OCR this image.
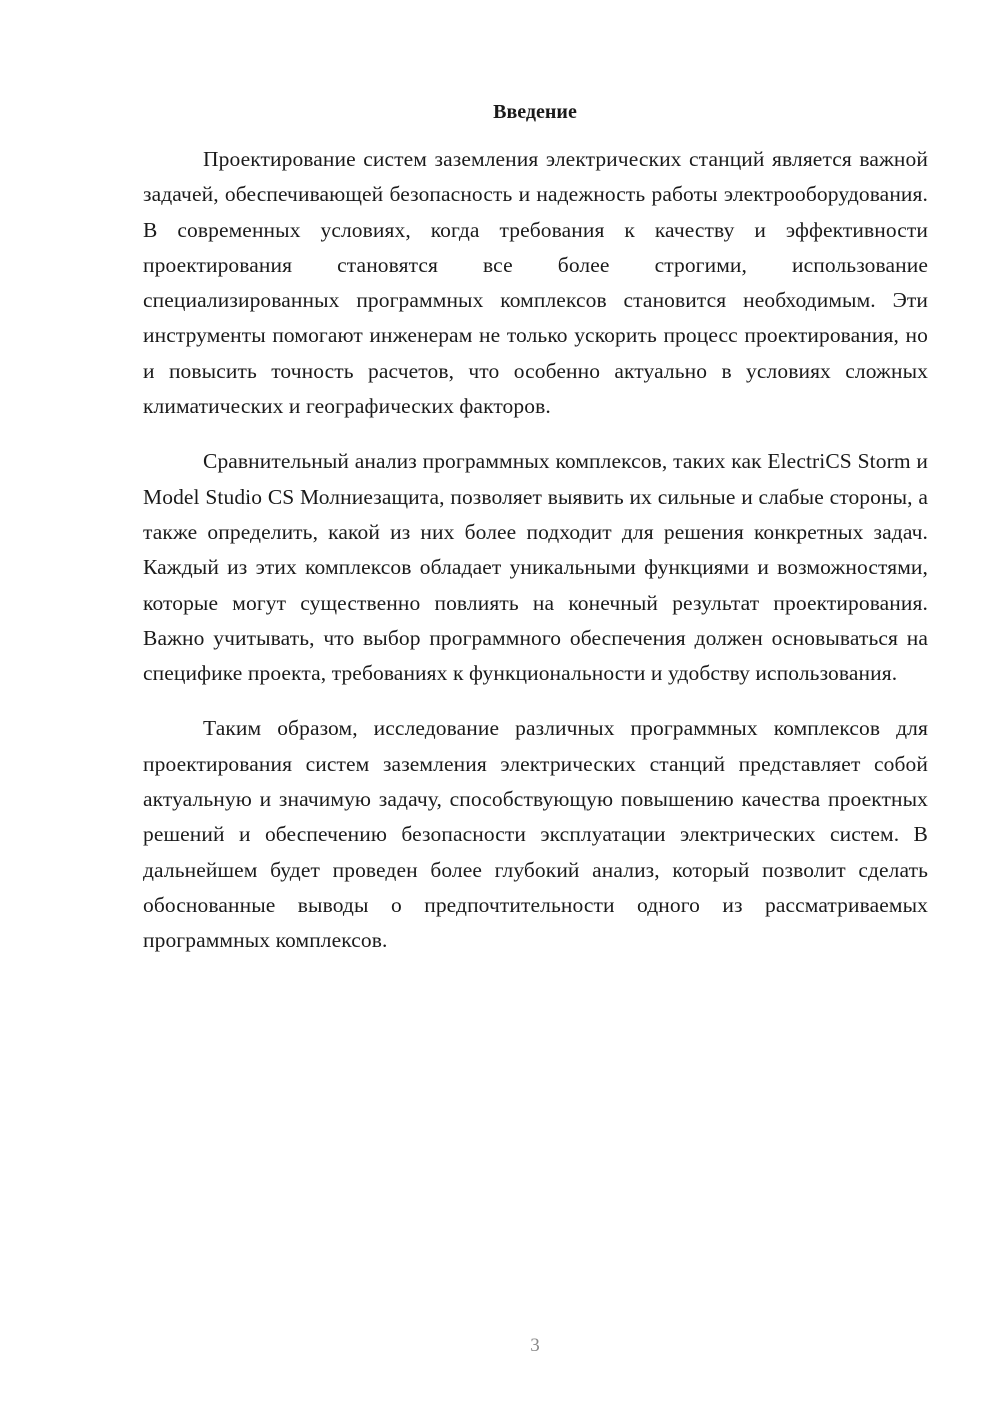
Введение

Проектирование систем заземления электрических станций является важной задачей, обеспечивающей безопасность и надежность работы электрооборудования. В современных условиях, когда требования к качеству и эффективности проектирования становятся все более строгими, использование специализированных программных комплексов становится необходимым. Эти инструменты помогают инженерам не только ускорить процесс проектирования, но и повысить точность расчетов, что особенно актуально в условиях сложных климатических и географических факторов.

Сравнительный анализ программных комплексов, таких как ElectriCS Storm и Model Studio CS Молниезащита, позволяет выявить их сильные и слабые стороны, а также определить, какой из них более подходит для решения конкретных задач. Каждый из этих комплексов обладает уникальными функциями и возможностями, которые могут существенно повлиять на конечный результат проектирования. Важно учитывать, что выбор программного обеспечения должен основываться на специфике проекта, требованиях к функциональности и удобству использования.

Таким образом, исследование различных программных комплексов для проектирования систем заземления электрических станций представляет собой актуальную и значимую задачу, способствующую повышению качества проектных решений и обеспечению безопасности эксплуатации электрических систем. В дальнейшем будет проведен более глубокий анализ, который позволит сделать обоснованные выводы о предпочтительности одного из рассматриваемых программных комплексов.

3
